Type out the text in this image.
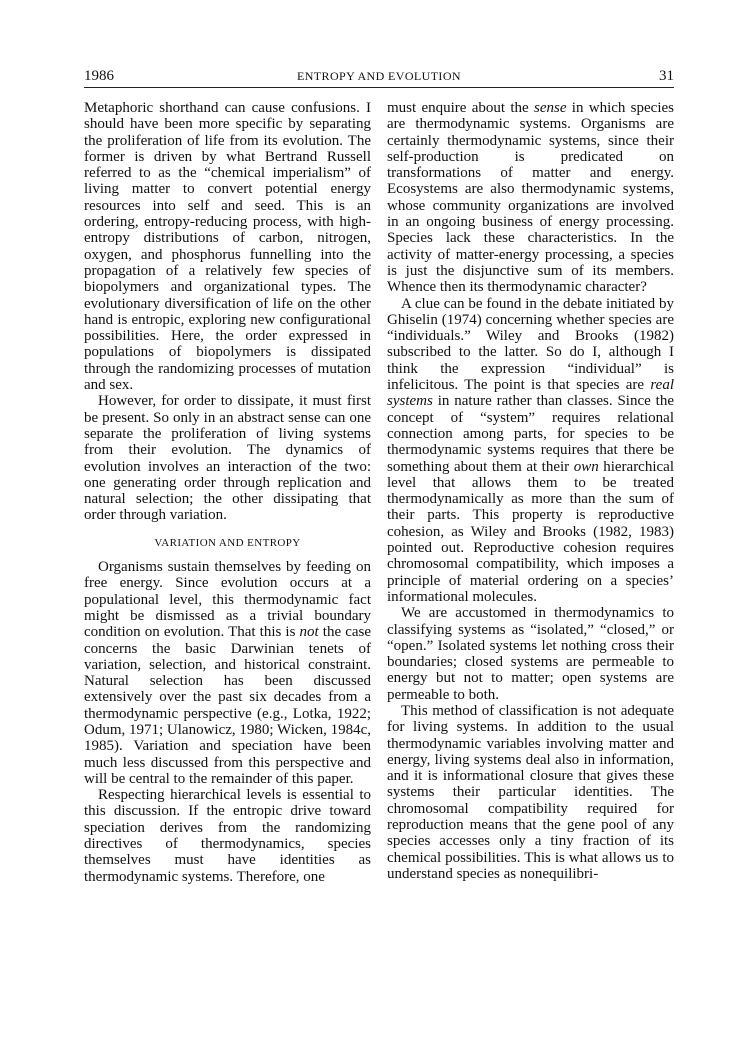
1986	ENTROPY AND EVOLUTION	31

Metaphoric shorthand can cause confusions. I should have been more specific by separating the proliferation of life from its evolution. The former is driven by what Bertrand Russell referred to as the “chemical imperialism” of living matter to convert potential energy resources into self and seed. This is an ordering, entropy-reducing process, with high-entropy distributions of carbon, nitrogen, oxygen, and phosphorus funnelling into the propagation of a relatively few species of biopolymers and organizational types. The evolutionary diversification of life on the other hand is entropic, exploring new configurational possibilities. Here, the order expressed in populations of biopolymers is dissipated through the randomizing processes of mutation and sex.

However, for order to dissipate, it must first be present. So only in an abstract sense can one separate the proliferation of living systems from their evolution. The dynamics of evolution involves an interaction of the two: one generating order through replication and natural selection; the other dissipating that order through variation.

VARIATION AND ENTROPY

Organisms sustain themselves by feeding on free energy. Since evolution occurs at a populational level, this thermodynamic fact might be dismissed as a trivial boundary condition on evolution. That this is not the case concerns the basic Darwinian tenets of variation, selection, and historical constraint. Natural selection has been discussed extensively over the past six decades from a thermodynamic perspective (e.g., Lotka, 1922; Odum, 1971; Ulanowicz, 1980; Wicken, 1984c, 1985). Variation and speciation have been much less discussed from this perspective and will be central to the remainder of this paper.

Respecting hierarchical levels is essential to this discussion. If the entropic drive toward speciation derives from the randomizing directives of thermodynamics, species themselves must have identities as thermodynamic systems. Therefore, one

must enquire about the sense in which species are thermodynamic systems. Organisms are certainly thermodynamic systems, since their self-production is predicated on transformations of matter and energy. Ecosystems are also thermodynamic systems, whose community organizations are involved in an ongoing business of energy processing. Species lack these characteristics. In the activity of matter-energy processing, a species is just the disjunctive sum of its members. Whence then its thermodynamic character?

A clue can be found in the debate initiated by Ghiselin (1974) concerning whether species are “individuals.” Wiley and Brooks (1982) subscribed to the latter. So do I, although I think the expression “individual” is infelicitous. The point is that species are real systems in nature rather than classes. Since the concept of “system” requires relational connection among parts, for species to be thermodynamic systems requires that there be something about them at their own hierarchical level that allows them to be treated thermodynamically as more than the sum of their parts. This property is reproductive cohesion, as Wiley and Brooks (1982, 1983) pointed out. Reproductive cohesion requires chromosomal compatibility, which imposes a principle of material ordering on a species’ informational molecules.

We are accustomed in thermodynamics to classifying systems as “isolated,” “closed,” or “open.” Isolated systems let nothing cross their boundaries; closed systems are permeable to energy but not to matter; open systems are permeable to both.

This method of classification is not adequate for living systems. In addition to the usual thermodynamic variables involving matter and energy, living systems deal also in information, and it is informational closure that gives these systems their particular identities. The chromosomal compatibility required for reproduction means that the gene pool of any species accesses only a tiny fraction of its chemical possibilities. This is what allows us to understand species as nonequilibri-
